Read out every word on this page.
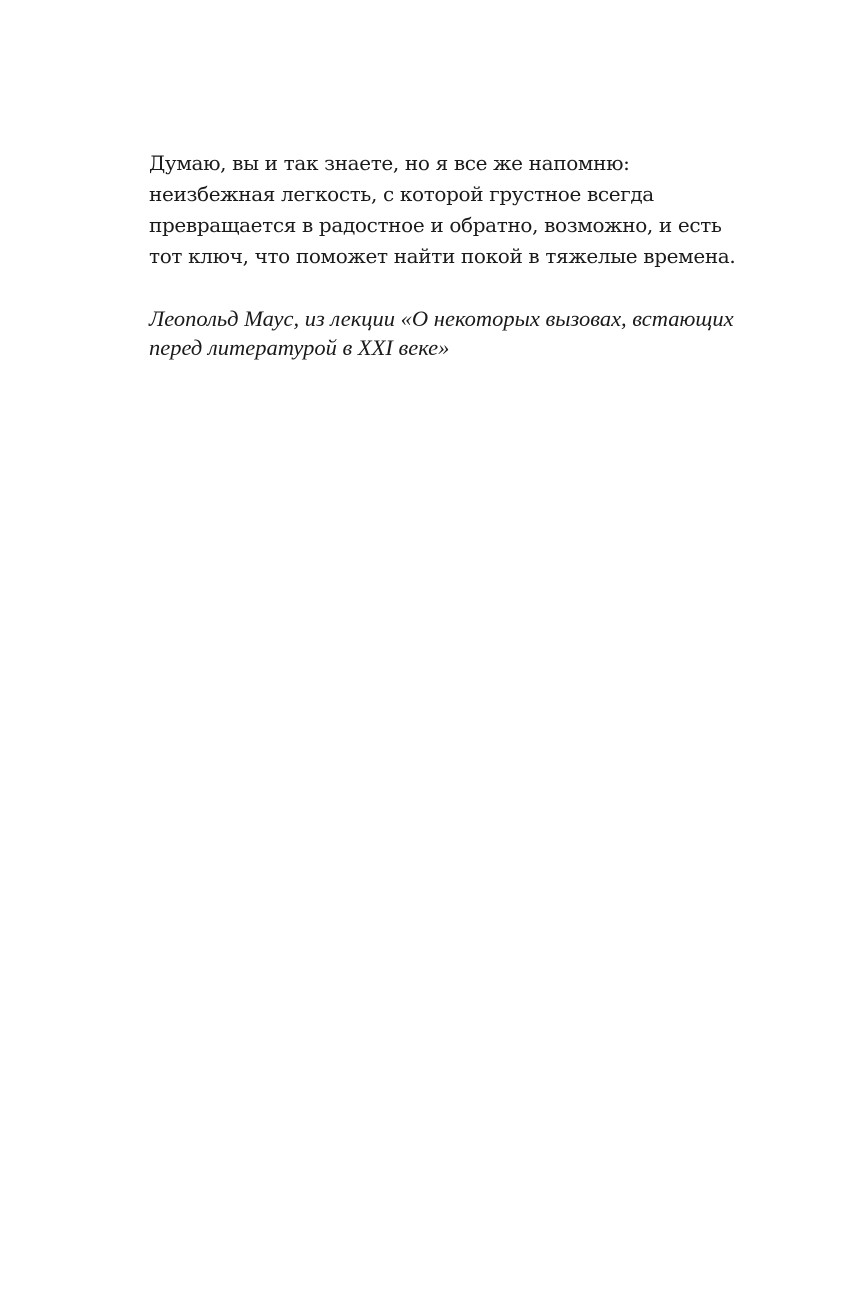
Думаю, вы и так знаете, но я все же напомню:
неизбежная легкость, с которой грустное всегда
превращается в радостное и обратно, возможно, и есть
тот ключ, что поможет найти покой в тяжелые времена.

Леопольд Маус, из лекции «О некоторых вызовах, встающих
перед литературой в XXI веке»
